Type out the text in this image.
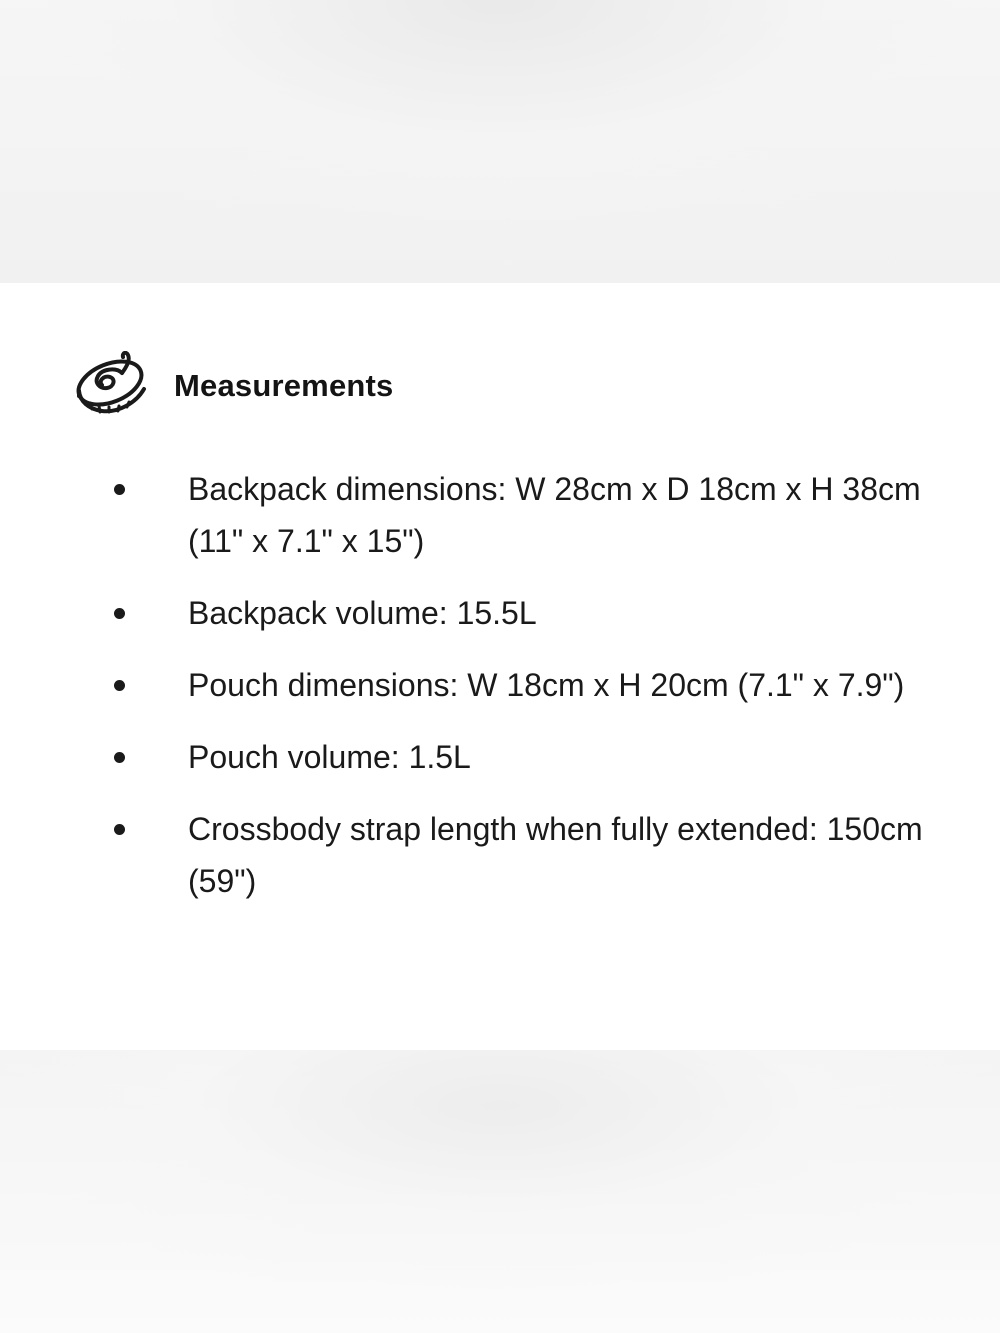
Measurements
Backpack dimensions: W 28cm x D 18cm x H 38cm (11" x 7.1" x 15")
Backpack volume: 15.5L
Pouch dimensions: W 18cm x H 20cm (7.1" x 7.9")
Pouch volume: 1.5L
Crossbody strap length when fully extended: 150cm (59")
